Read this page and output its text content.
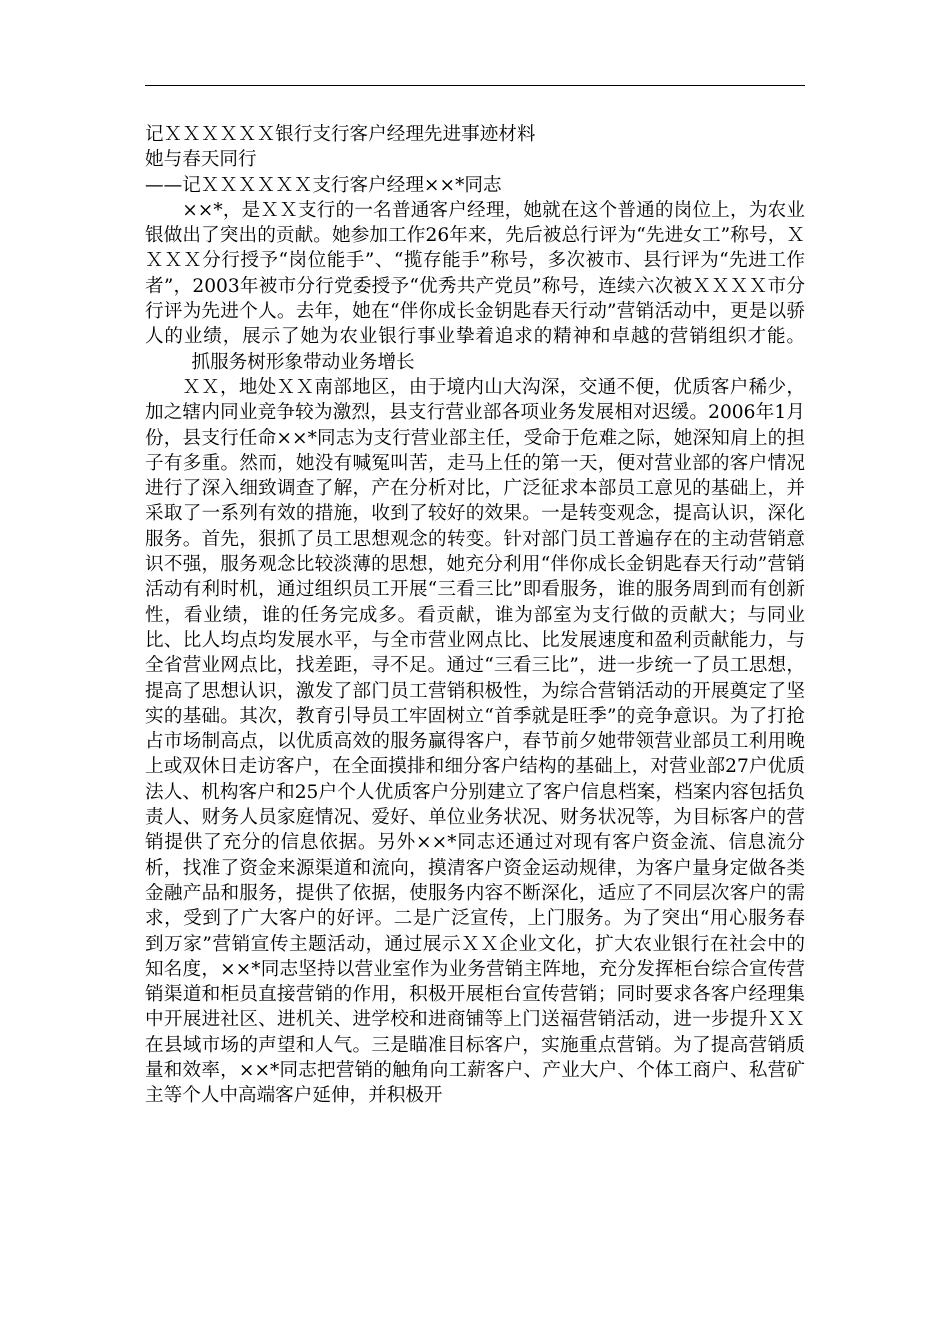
记ＸＸＸＸＸＸ银行支行客户经理先进事迹材料

她与春天同行

——记ＸＸＸＸＸＸ支行客户经理××*同志

××*，是ＸＸ支行的一名普通客户经理，她就在这个普通的岗位上，为农业银做出了突出的贡献。她参加工作26年来，先后被总行评为“先进女工”称号，ＸＸＸＸ分行授予“岗位能手”、“揽存能手”称号，多次被市、县行评为“先进工作者”，2003年被市分行党委授予“优秀共产党员”称号，连续六次被ＸＸＸＸ市分行评为先进个人。去年，她在“伴你成长金钥匙春天行动”营销活动中，更是以骄人的业绩，展示了她为农业银行事业挚着追求的精神和卓越的营销组织才能。抓服务树形象带动业务增长

ＸＸ，地处ＸＸ南部地区，由于境内山大沟深，交通不便，优质客户稀少，加之辖内同业竞争较为激烈，县支行营业部各项业务发展相对迟缓。2006年1月份，县支行任命××*同志为支行营业部主任，受命于危难之际，她深知肩上的担子有多重。然而，她没有喊冤叫苦，走马上任的第一天，便对营业部的客户情况进行了深入细致调查了解，产在分析对比，广泛征求本部员工意见的基础上，并采取了一系列有效的措施，收到了较好的效果。一是转变观念，提高认识，深化服务。首先，狠抓了员工思想观念的转变。针对部门员工普遍存在的主动营销意识不强，服务观念比较淡薄的思想，她充分利用“伴你成长金钥匙春天行动”营销活动有利时机，通过组织员工开展“三看三比”即看服务，谁的服务周到而有创新性，看业绩，谁的任务完成多。看贡献，谁为部室为支行做的贡献大；与同业比、比人均点均发展水平，与全市营业网点比、比发展速度和盈利贡献能力，与全省营业网点比，找差距，寻不足。通过“三看三比”，进一步统一了员工思想，提高了思想认识，激发了部门员工营销积极性，为综合营销活动的开展奠定了坚实的基础。其次，教育引导员工牢固树立“首季就是旺季”的竞争意识。为了打抢占市场制高点，以优质高效的服务赢得客户，春节前夕她带领营业部员工利用晚上或双休日走访客户，在全面摸排和细分客户结构的基础上，对营业部27户优质法人、机构客户和25户个人优质客户分别建立了客户信息档案，档案内容包括负责人、财务人员家庭情况、爱好、单位业务状况、财务状况等，为目标客户的营销提供了充分的信息依据。另外××*同志还通过对现有客户资金流、信息流分析，找准了资金来源渠道和流向，摸清客户资金运动规律，为客户量身定做各类金融产品和服务，提供了依据，使服务内容不断深化，适应了不同层次客户的需求，受到了广大客户的好评。二是广泛宣传，上门服务。为了突出“用心服务春到万家”营销宣传主题活动，通过展示ＸＸ企业文化，扩大农业银行在社会中的知名度，××*同志坚持以营业室作为业务营销主阵地，充分发挥柜台综合宣传营销渠道和柜员直接营销的作用，积极开展柜台宣传营销；同时要求各客户经理集中开展进社区、进机关、进学校和进商铺等上门送福营销活动，进一步提升ＸＸ在县域市场的声望和人气。三是瞄准目标客户，实施重点营销。为了提高营销质量和效率，××*同志把营销的触角向工薪客户、产业大户、个体工商户、私营矿主等个人中高端客户延伸，并积极开
